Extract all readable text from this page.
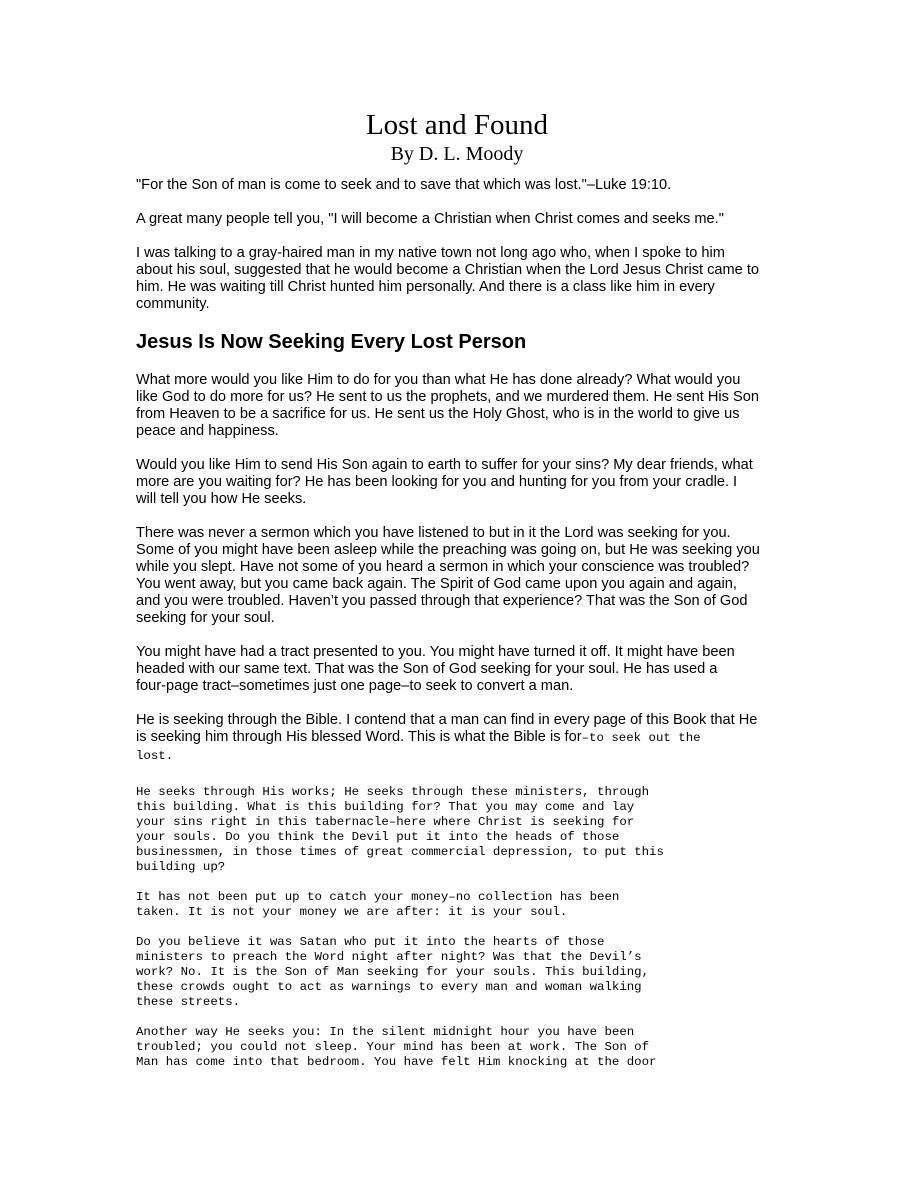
Lost and Found
By D. L. Moody

"For the Son of man is come to seek and to save that which was lost."–Luke 19:10.

A great many people tell you, "I will become a Christian when Christ comes and seeks me."

I was talking to a gray-haired man in my native town not long ago who, when I spoke to him
about his soul, suggested that he would become a Christian when the Lord Jesus Christ came to
him. He was waiting till Christ hunted him personally. And there is a class like him in every
community.

Jesus Is Now Seeking Every Lost Person

What more would you like Him to do for you than what He has done already? What would you
like God to do more for us? He sent to us the prophets, and we murdered them. He sent His Son
from Heaven to be a sacrifice for us. He sent us the Holy Ghost, who is in the world to give us
peace and happiness.

Would you like Him to send His Son again to earth to suffer for your sins? My dear friends, what
more are you waiting for? He has been looking for you and hunting for you from your cradle. I
will tell you how He seeks.

There was never a sermon which you have listened to but in it the Lord was seeking for you.
Some of you might have been asleep while the preaching was going on, but He was seeking you
while you slept. Have not some of you heard a sermon in which your conscience was troubled?
You went away, but you came back again. The Spirit of God came upon you again and again,
and you were troubled. Haven’t you passed through that experience? That was the Son of God
seeking for your soul.

You might have had a tract presented to you. You might have turned it off. It might have been
headed with our same text. That was the Son of God seeking for your soul. He has used a
four-page tract–sometimes just one page–to seek to convert a man.

He is seeking through the Bible. I contend that a man can find in every page of this Book that He
is seeking him through His blessed Word. This is what the Bible is for–to seek out the
lost.

He seeks through His works; He seeks through these ministers, through
this building. What is this building for? That you may come and lay
your sins right in this tabernacle–here where Christ is seeking for
your souls. Do you think the Devil put it into the heads of those
businessmen, in those times of great commercial depression, to put this
building up?

It has not been put up to catch your money–no collection has been
taken. It is not your money we are after: it is your soul.

Do you believe it was Satan who put it into the hearts of those
ministers to preach the Word night after night? Was that the Devil’s
work? No. It is the Son of Man seeking for your souls. This building,
these crowds ought to act as warnings to every man and woman walking
these streets.

Another way He seeks you: In the silent midnight hour you have been
troubled; you could not sleep. Your mind has been at work. The Son of
Man has come into that bedroom. You have felt Him knocking at the door
